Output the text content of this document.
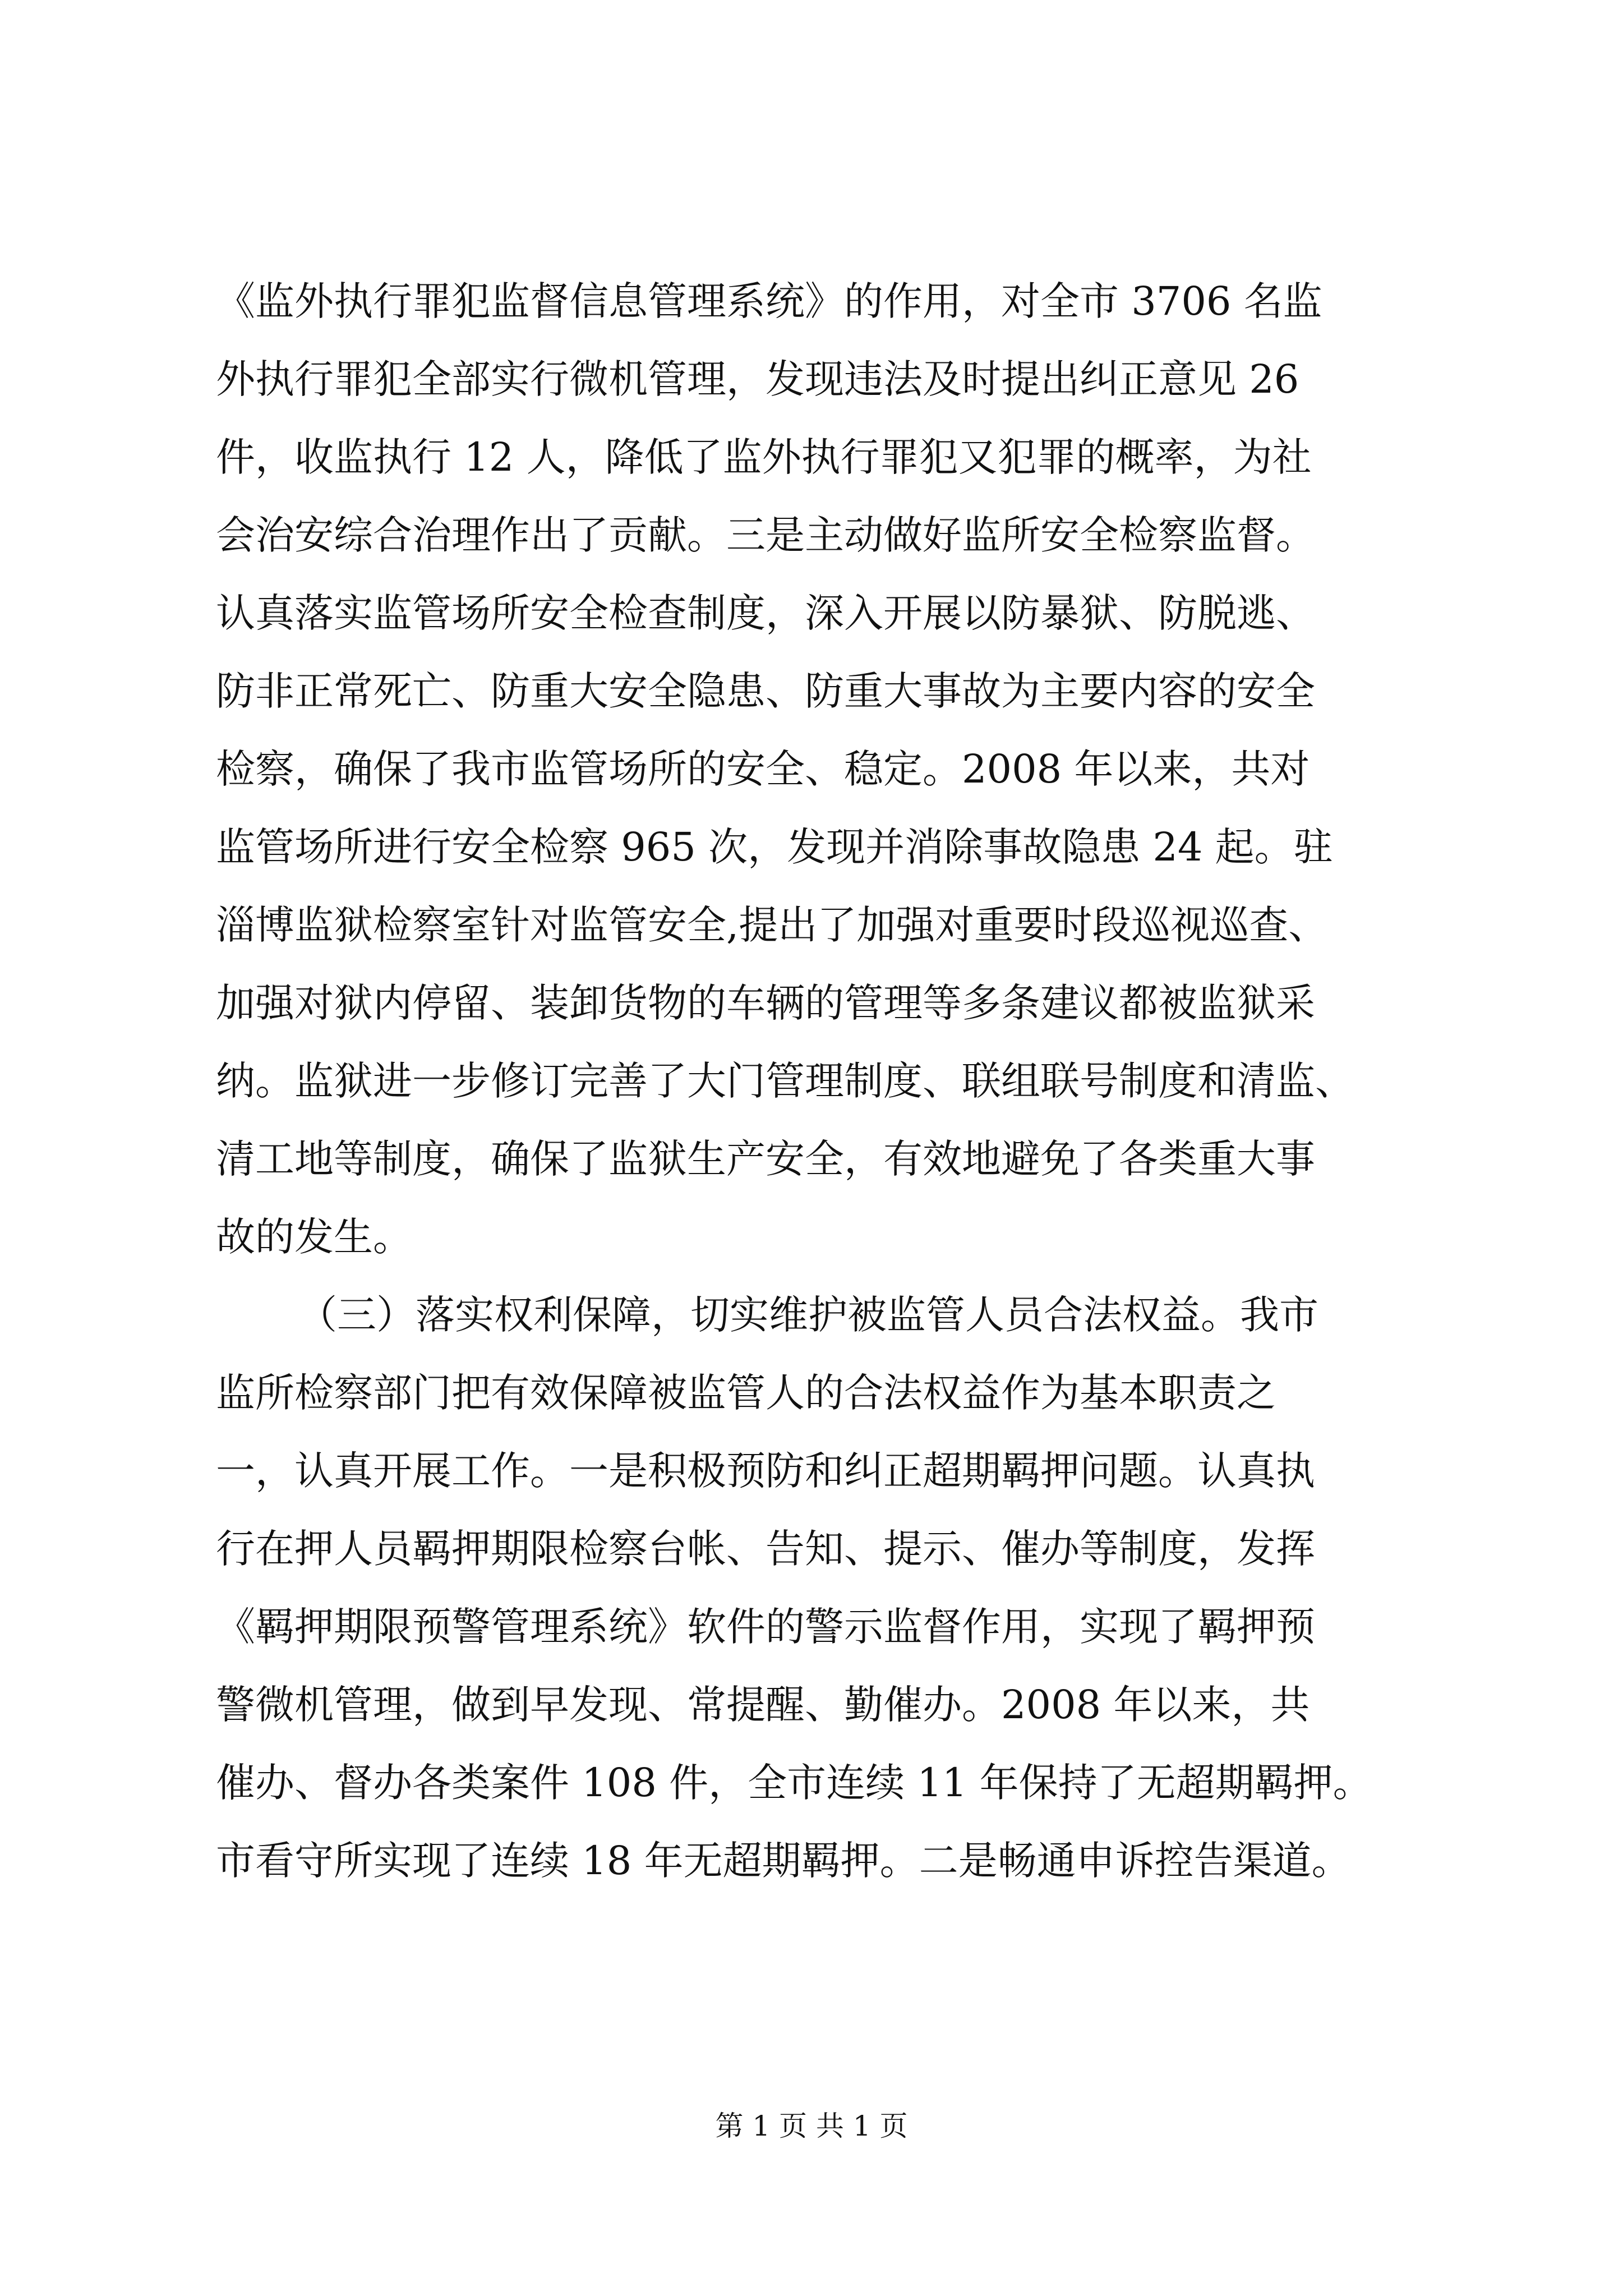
《监外执行罪犯监督信息管理系统》的作用，对全市 3706 名监
外执行罪犯全部实行微机管理，发现违法及时提出纠正意见 26
件，收监执行 12 人，降低了监外执行罪犯又犯罪的概率，为社
会治安综合治理作出了贡献。三是主动做好监所安全检察监督。
认真落实监管场所安全检查制度，深入开展以防暴狱、防脱逃、
防非正常死亡、防重大安全隐患、防重大事故为主要内容的安全
检察，确保了我市监管场所的安全、稳定。2008 年以来，共对
监管场所进行安全检察 965 次，发现并消除事故隐患 24 起。驻
淄博监狱检察室针对监管安全,提出了加强对重要时段巡视巡查、
加强对狱内停留、装卸货物的车辆的管理等多条建议都被监狱采
纳。监狱进一步修订完善了大门管理制度、联组联号制度和清监、
清工地等制度，确保了监狱生产安全，有效地避免了各类重大事
故的发生。
（三）落实权利保障，切实维护被监管人员合法权益。我市
监所检察部门把有效保障被监管人的合法权益作为基本职责之
一，认真开展工作。一是积极预防和纠正超期羁押问题。认真执
行在押人员羁押期限检察台帐、告知、提示、催办等制度，发挥
《羁押期限预警管理系统》软件的警示监督作用，实现了羁押预
警微机管理，做到早发现、常提醒、勤催办。2008 年以来，共
催办、督办各类案件 108 件，全市连续 11 年保持了无超期羁押。
市看守所实现了连续 18 年无超期羁押。二是畅通申诉控告渠道。
第 1 页 共 1 页
